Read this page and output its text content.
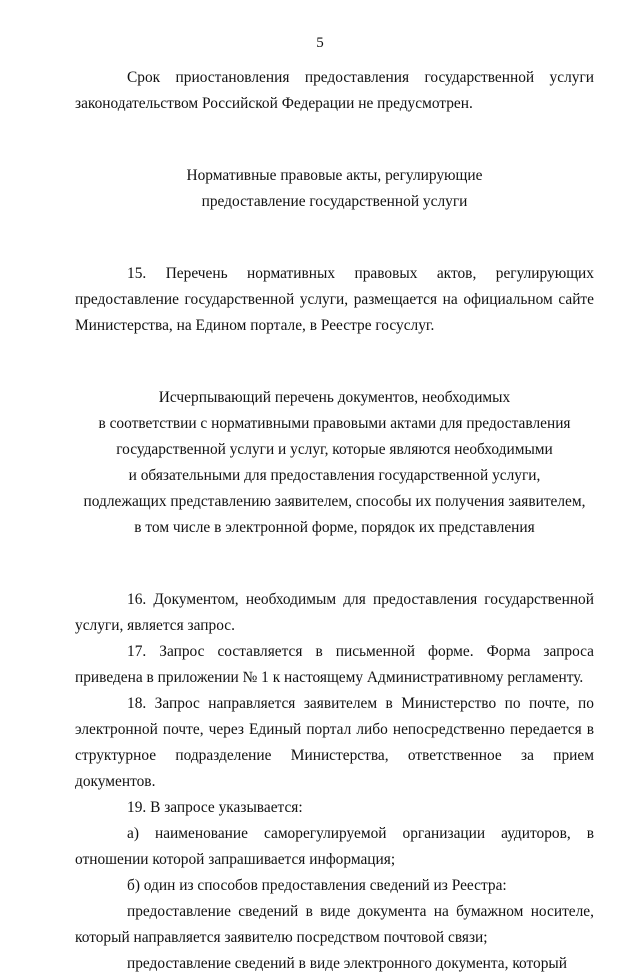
5

Срок приостановления предоставления государственной услуги законодательством Российской Федерации не предусмотрен.

Нормативные правовые акты, регулирующие
предоставление государственной услуги

15. Перечень нормативных правовых актов, регулирующих предоставление государственной услуги, размещается на официальном сайте Министерства, на Едином портале, в Реестре госуслуг.

Исчерпывающий перечень документов, необходимых
в соответствии с нормативными правовыми актами для предоставления
государственной услуги и услуг, которые являются необходимыми
и обязательными для предоставления государственной услуги,
подлежащих представлению заявителем, способы их получения заявителем,
в том числе в электронной форме, порядок их представления

16. Документом, необходимым для предоставления государственной услуги, является запрос.

17. Запрос составляется в письменной форме. Форма запроса приведена в приложении № 1 к настоящему Административному регламенту.

18. Запрос направляется заявителем в Министерство по почте, по электронной почте, через Единый портал либо непосредственно передается в структурное подразделение Министерства, ответственное за прием документов.

19. В запросе указывается:

а) наименование саморегулируемой организации аудиторов, в отношении которой запрашивается информация;

б) один из способов предоставления сведений из Реестра:

предоставление сведений в виде документа на бумажном носителе, который направляется заявителю посредством почтовой связи;

предоставление сведений в виде электронного документа, который
